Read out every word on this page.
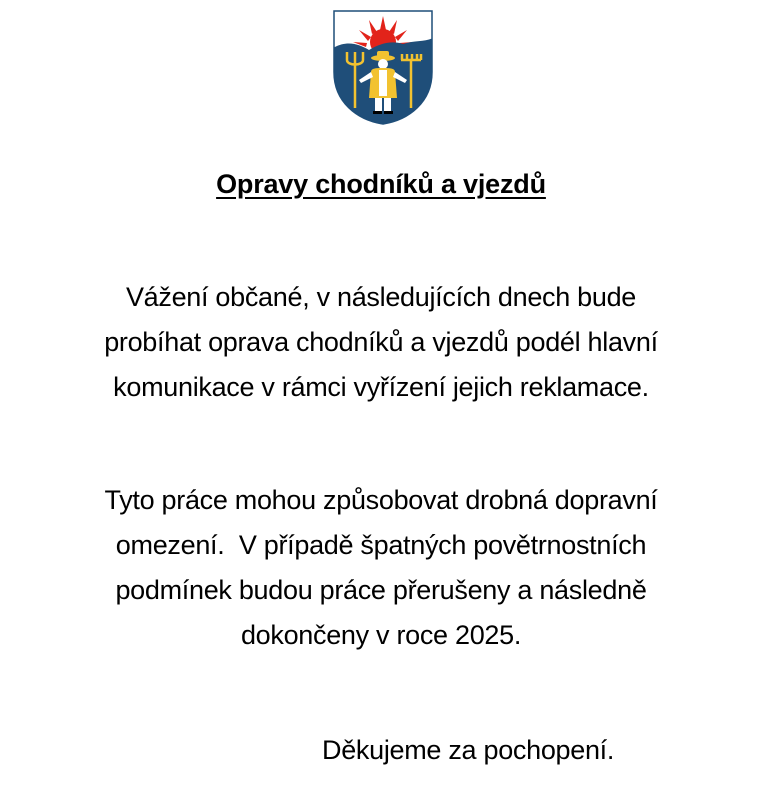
Opravy chodníků a vjezdů
Vážení občané, v následujících dnech bude
probíhat oprava chodníků a vjezdů podél hlavní
komunikace v rámci vyřízení jejich reklamace.
Tyto práce mohou způsobovat drobná dopravní
omezení.  V případě špatných povětrnostních
podmínek budou práce přerušeny a následně
dokončeny v roce 2025.
Děkujeme za pochopení.
